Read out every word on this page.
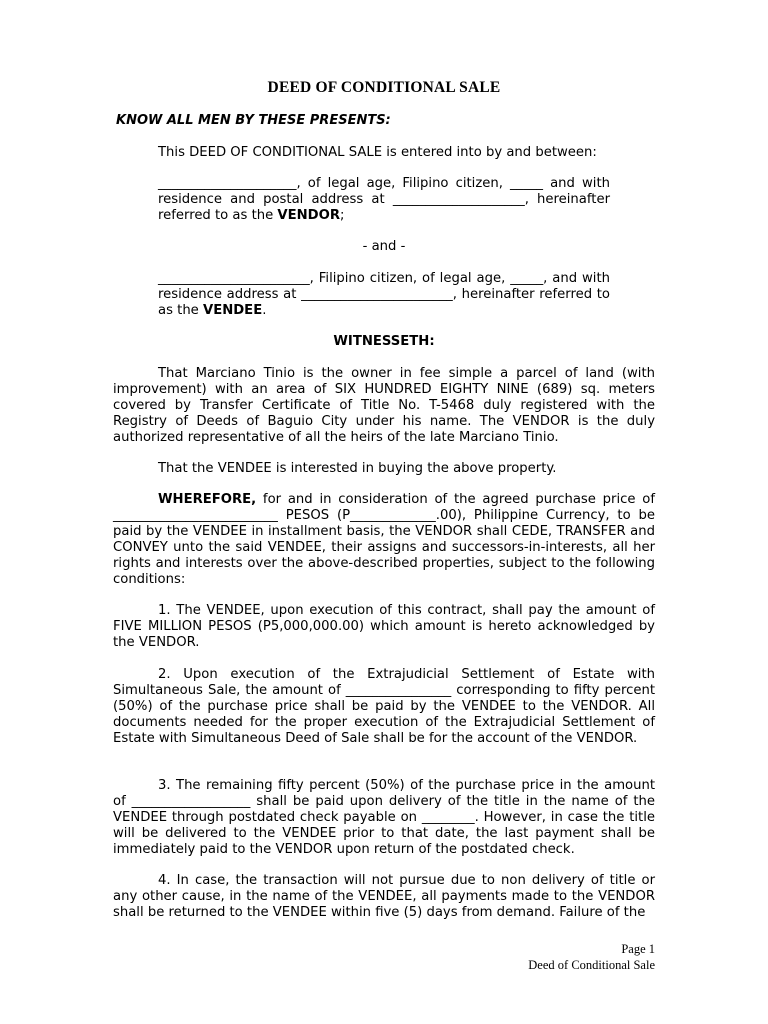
DEED OF CONDITIONAL SALE
KNOW ALL MEN BY THESE PRESENTS:

This DEED OF CONDITIONAL SALE is entered into by and between:

_____________________, of legal age, Filipino citizen, _____ and with residence and postal address at ____________________, hereinafter referred to as the VENDOR;

- and -

_______________________, Filipino citizen, of legal age, _____, and with residence address at _______________________, hereinafter referred to as the VENDEE.

WITNESSETH:

That Marciano Tinio is the owner in fee simple a parcel of land (with improvement) with an area of SIX HUNDRED EIGHTY NINE (689) sq. meters covered by Transfer Certificate of Title No. T-5468 duly registered with the Registry of Deeds of Baguio City under his name. The VENDOR is the duly authorized representative of all the heirs of the late Marciano Tinio.

That the VENDEE is interested in buying the above property.

WHEREFORE, for and in consideration of the agreed purchase price of _________________________ PESOS (P_____________.00), Philippine Currency, to be paid by the VENDEE in installment basis, the VENDOR shall CEDE, TRANSFER and CONVEY unto the said VENDEE, their assigns and successors-in-interests, all her rights and interests over the above-described properties, subject to the following conditions:

1. The VENDEE, upon execution of this contract, shall pay the amount of FIVE MILLION PESOS (P5,000,000.00) which amount is hereto acknowledged by the VENDOR.

2. Upon execution of the Extrajudicial Settlement of Estate with Simultaneous Sale, the amount of ________________ corresponding to fifty percent (50%) of the purchase price shall be paid by the VENDEE to the VENDOR. All documents needed for the proper execution of the Extrajudicial Settlement of Estate with Simultaneous Deed of Sale shall be for the account of the VENDOR.

3. The remaining fifty percent (50%) of the purchase price in the amount of __________________ shall be paid upon delivery of the title in the name of the VENDEE through postdated check payable on ________. However, in case the title will be delivered to the VENDEE prior to that date, the last payment shall be immediately paid to the VENDOR upon return of the postdated check.

4. In case, the transaction will not pursue due to non delivery of title or any other cause, in the name of the VENDEE, all payments made to the VENDOR shall be returned to the VENDEE within five (5) days from demand. Failure of the

Page 1
Deed of Conditional Sale
